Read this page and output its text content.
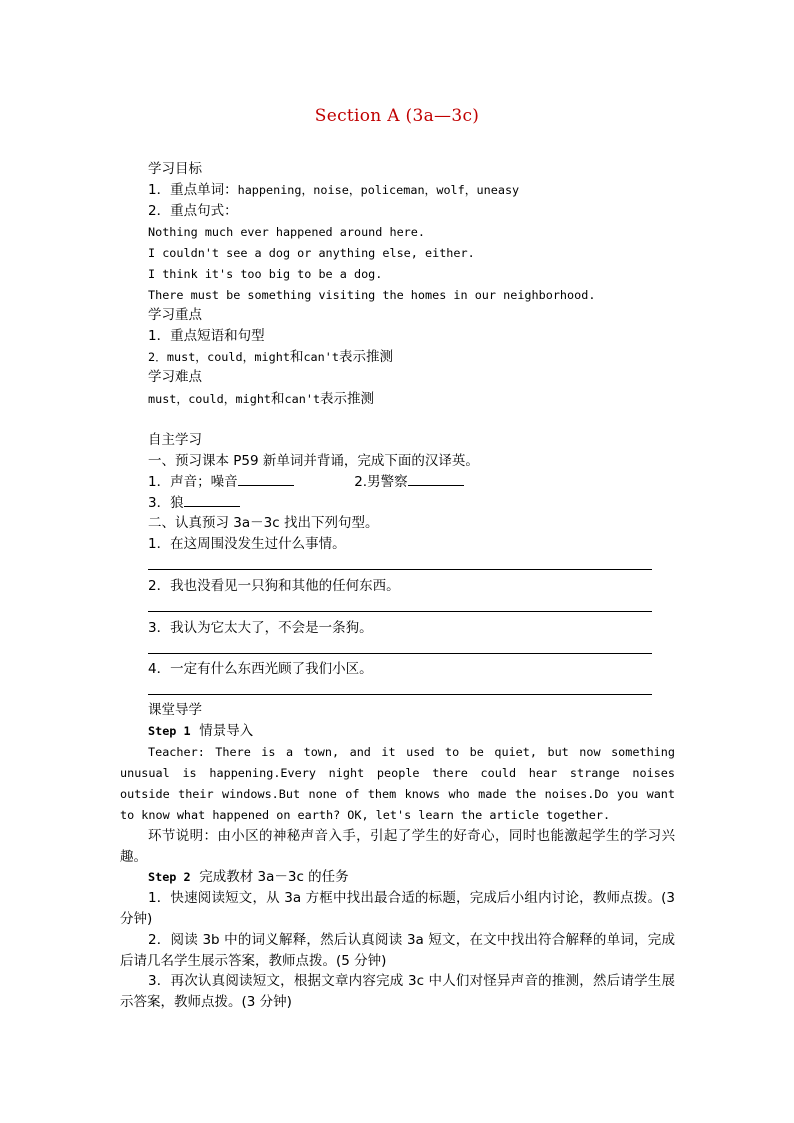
Section A (3a—3c)
学习目标
1．重点单词：happening，noise，policeman，wolf，uneasy
2．重点句式：
Nothing much ever happened around here.
I couldn't see a dog or anything else, either.
I think it's too big to be a dog.
There must be something visiting the homes in our neighborhood.
学习重点
1．重点短语和句型
2．must，could，might和can't表示推测
学习难点
must，could，might和can't表示推测
自主学习
一、预习课本 P59 新单词并背诵，完成下面的汉译英。
1．声音；噪音	2.男警察
3．狼
二、认真预习 3a－3c 找出下列句型。
1．在这周围没发生过什么事情。
2．我也没看见一只狗和其他的任何东西。
3．我认为它太大了，不会是一条狗。
4．一定有什么东西光顾了我们小区。
课堂导学
Step 1 情景导入
Teacher: There is a town, and it used to be quiet, but now something unusual is happening.Every night people there could hear strange noises outside their windows.But none of them knows who made the noises.Do you want to know what happened on earth? OK, let's learn the article together.
环节说明：由小区的神秘声音入手，引起了学生的好奇心，同时也能激起学生的学习兴趣。
Step 2 完成教材 3a－3c 的任务
1．快速阅读短文，从 3a 方框中找出最合适的标题，完成后小组内讨论，教师点拨。(3分钟)
2．阅读 3b 中的词义解释，然后认真阅读 3a 短文，在文中找出符合解释的单词，完成后请几名学生展示答案，教师点拨。(5 分钟)
3．再次认真阅读短文，根据文章内容完成 3c 中人们对怪异声音的推测，然后请学生展示答案，教师点拨。(3 分钟)
